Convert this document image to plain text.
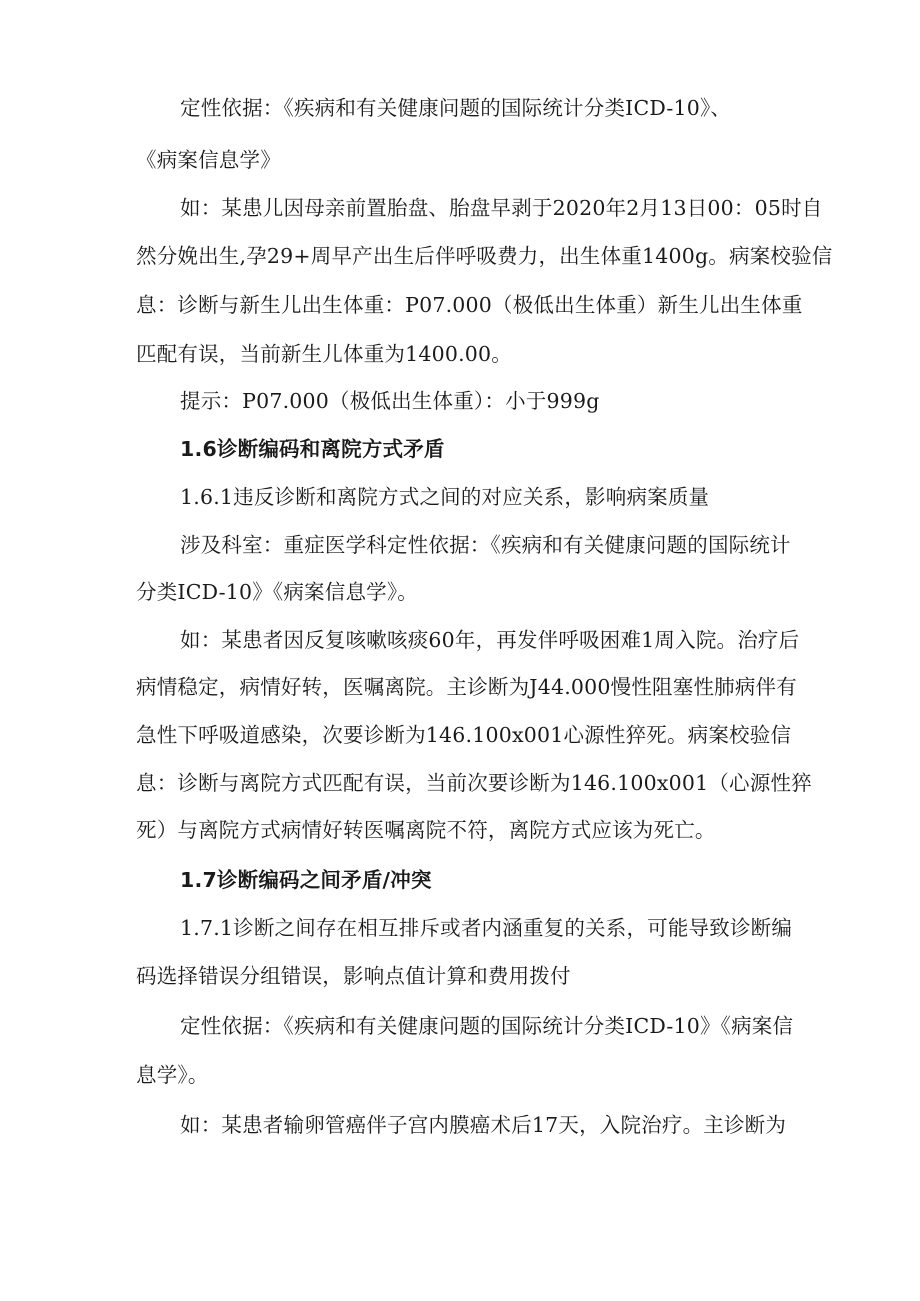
定性依据：《疾病和有关健康问题的国际统计分类ICD-10》、
《病案信息学》
如：某患儿因母亲前置胎盘、胎盘早剥于2020年2月13日00：05时自
然分娩出生,孕29+周早产出生后伴呼吸费力，出生体重1400g。病案校验信
息：诊断与新生儿出生体重：P07.000（极低出生体重）新生儿出生体重
匹配有误，当前新生儿体重为1400.00。
提示：P07.000（极低出生体重）：小于999g
1.6诊断编码和离院方式矛盾
1.6.1违反诊断和离院方式之间的对应关系，影响病案质量
涉及科室：重症医学科定性依据：《疾病和有关健康问题的国际统计
分类ICD-10》《病案信息学》。
如：某患者因反复咳嗽咳痰60年，再发伴呼吸困难1周入院。治疗后
病情稳定，病情好转，医嘱离院。主诊断为J44.000慢性阻塞性肺病伴有
急性下呼吸道感染，次要诊断为146.100x001心源性猝死。病案校验信
息：诊断与离院方式匹配有误，当前次要诊断为146.100x001（心源性猝
死）与离院方式病情好转医嘱离院不符，离院方式应该为死亡。
1.7诊断编码之间矛盾/冲突
1.7.1诊断之间存在相互排斥或者内涵重复的关系，可能导致诊断编
码选择错误分组错误，影响点值计算和费用拨付
定性依据：《疾病和有关健康问题的国际统计分类ICD-10》《病案信
息学》。
如：某患者输卵管癌伴子宫内膜癌术后17天，入院治疗。主诊断为
